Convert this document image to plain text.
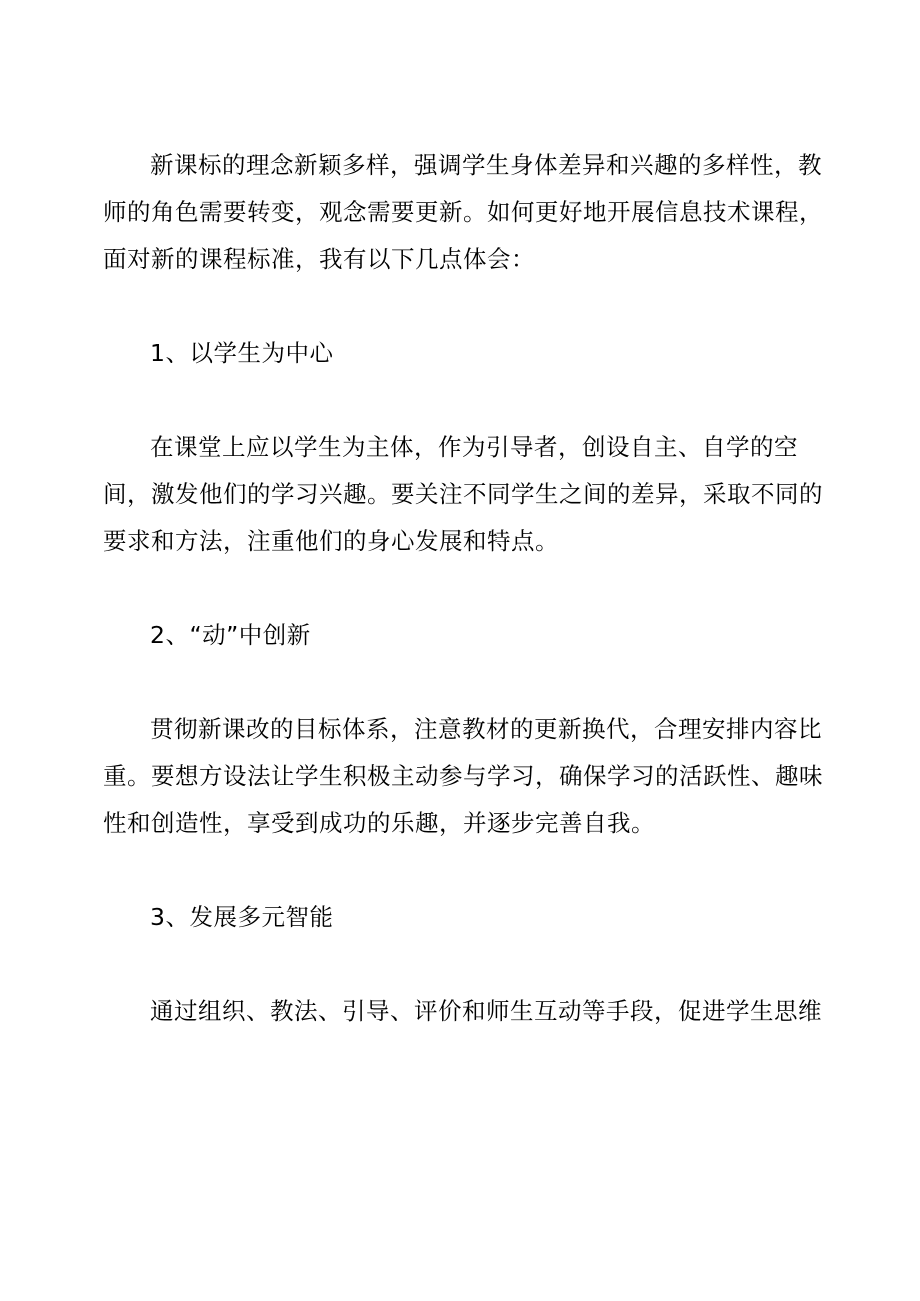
新课标的理念新颖多样，强调学生身体差异和兴趣的多样性，教
师的角色需要转变，观念需要更新。如何更好地开展信息技术课程，
面对新的课程标准，我有以下几点体会：
1、以学生为中心
在课堂上应以学生为主体，作为引导者，创设自主、自学的空
间，激发他们的学习兴趣。要关注不同学生之间的差异，采取不同的
要求和方法，注重他们的身心发展和特点。
2、“动”中创新
贯彻新课改的目标体系，注意教材的更新换代，合理安排内容比
重。要想方设法让学生积极主动参与学习，确保学习的活跃性、趣味
性和创造性，享受到成功的乐趣，并逐步完善自我。
3、发展多元智能
通过组织、教法、引导、评价和师生互动等手段，促进学生思维
